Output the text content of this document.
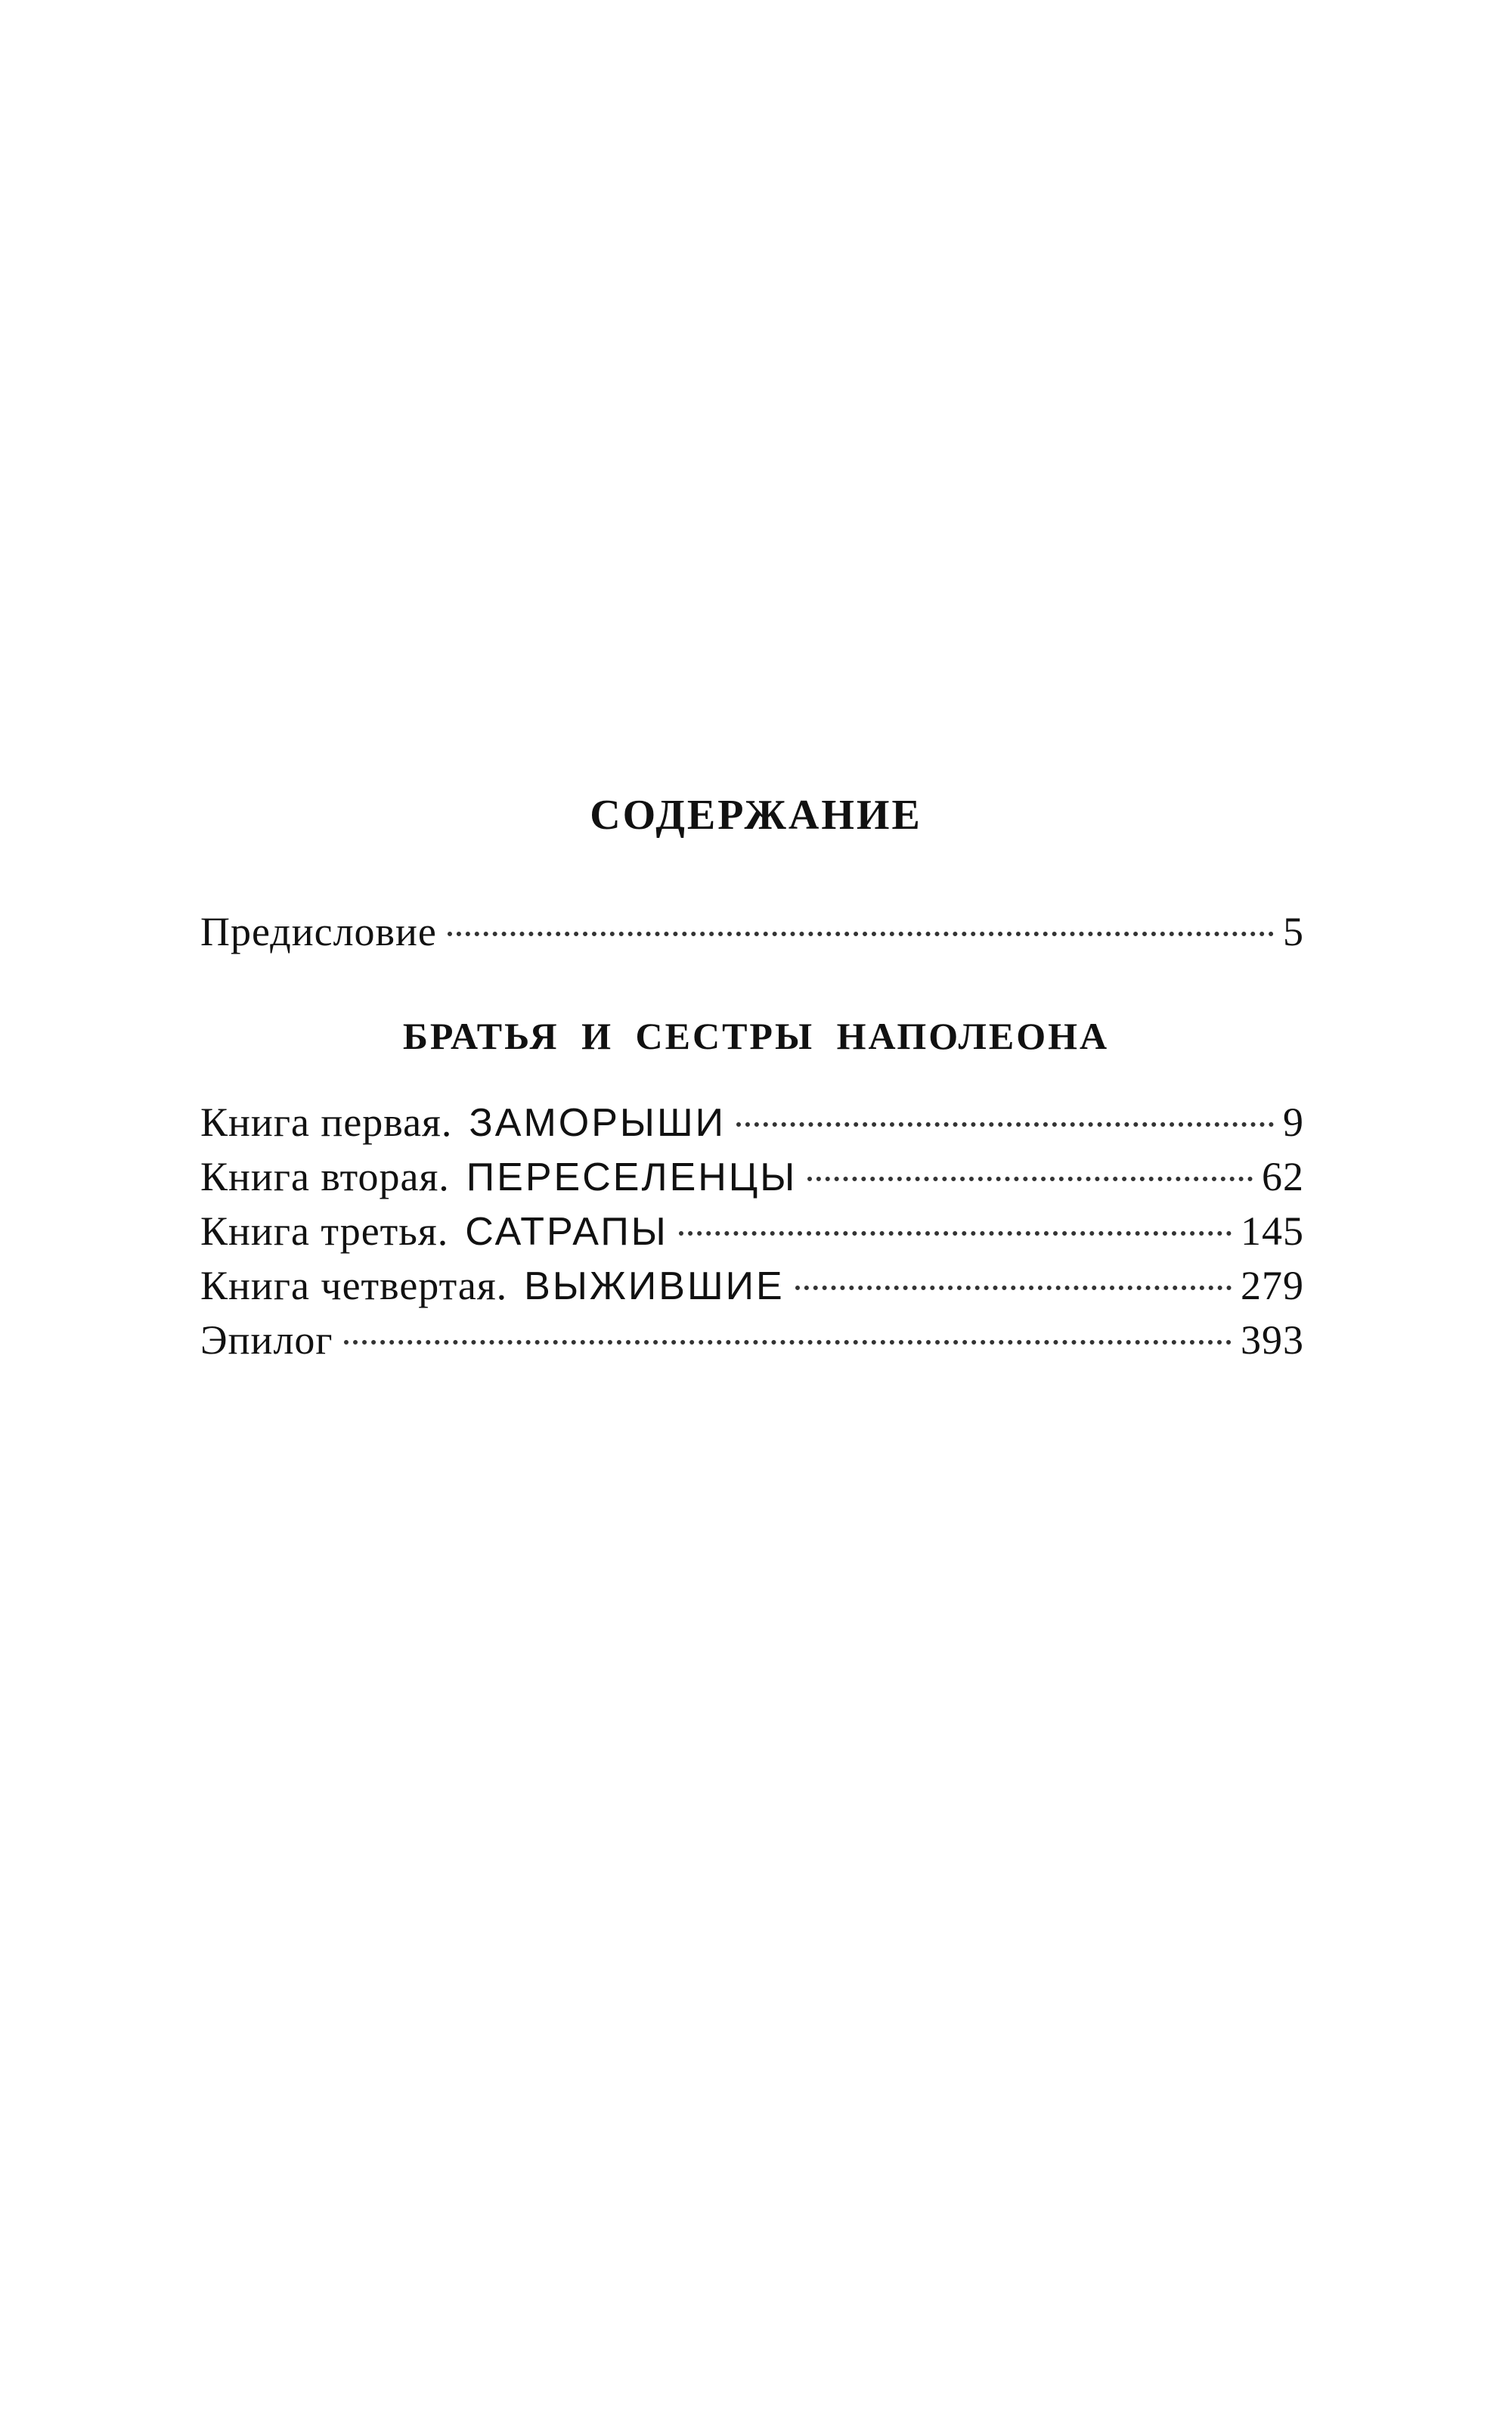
СОДЕРЖАНИЕ
Предисловие	5
БРАТЬЯ И СЕСТРЫ НАПОЛЕОНА
Книга первая. ЗАМОРЫШИ	9
Книга вторая. ПЕРЕСЕЛЕНЦЫ	62
Книга третья. САТРАПЫ	145
Книга четвертая. ВЫЖИВШИЕ	279
Эпилог	393
